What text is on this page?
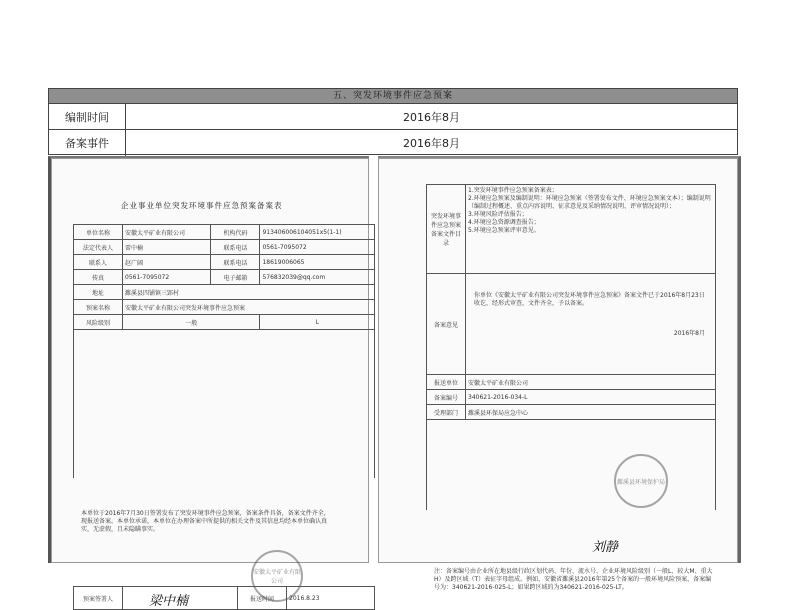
五、突发环境事件应急预案
编制时间	2016年8月
备案事件	2016年8月
企业事业单位突发环境事件应急预案备案表
单位名称	安徽太平矿业有限公司	机构代码	913406006104051x5(1-1)
法定代表人	雷中楠	联系电话	0561-7095072
联系人	赵广阔	联系电话	18619006065
传真	0561-7095072	电子邮箱	576832039@qq.com
地址	濉溪县四铺镇三郢村		
预案名称	安徽太平矿业有限公司突发环境事件应急预案		
风险级别	一般		L

本单位于2016年7月30日签署发布了突发环境事件应急预案，备案条件具备，备案文件齐全，现报送备案。本单位承诺，本单位在办理备案中所提供的相关文件及其信息均经本单位确认真实，无虚假，且未隐瞒事实。
安徽太平矿业有限公司
预案签署人		报送时间	2016.8.23
梁中楠
突发环境事件应急预案备案文件目录	1.突发环境事件应急预案备案表；
2.环境应急预案及编制说明：环境应急预案（签署发布文件、环境应急预案文本）；编制说明（编制过程概述、重点内容说明、征求意见及采纳情况说明、评审情况说明）；
3.环境风险评估报告；
4.环境应急资源调查报告；
5.环境应急预案评审意见。

备案意见	你单位《安徽太平矿业有限公司突发环境事件应急预案》备案文件已于2016年8月23日收讫，经形式审查，文件齐全，予以备案。
2016年8月

报送单位	安徽太平矿业有限公司
备案编号	340621-2016-034-L
受理部门	濉溪县环保局应急中心

濉溪县环境保护局
刘静
注：备案编号由企业所在地县级行政区划代码、年份、流水号、企业环境风险级别（一般L、较大M、重大H）及跨区域（T）表征字母组成。例如，安徽省濉溪县2016年第25个备案的一般环境风险预案，备案编号为：340621-2016-025-L；如果跨区域的为340621-2016-025-LT。
